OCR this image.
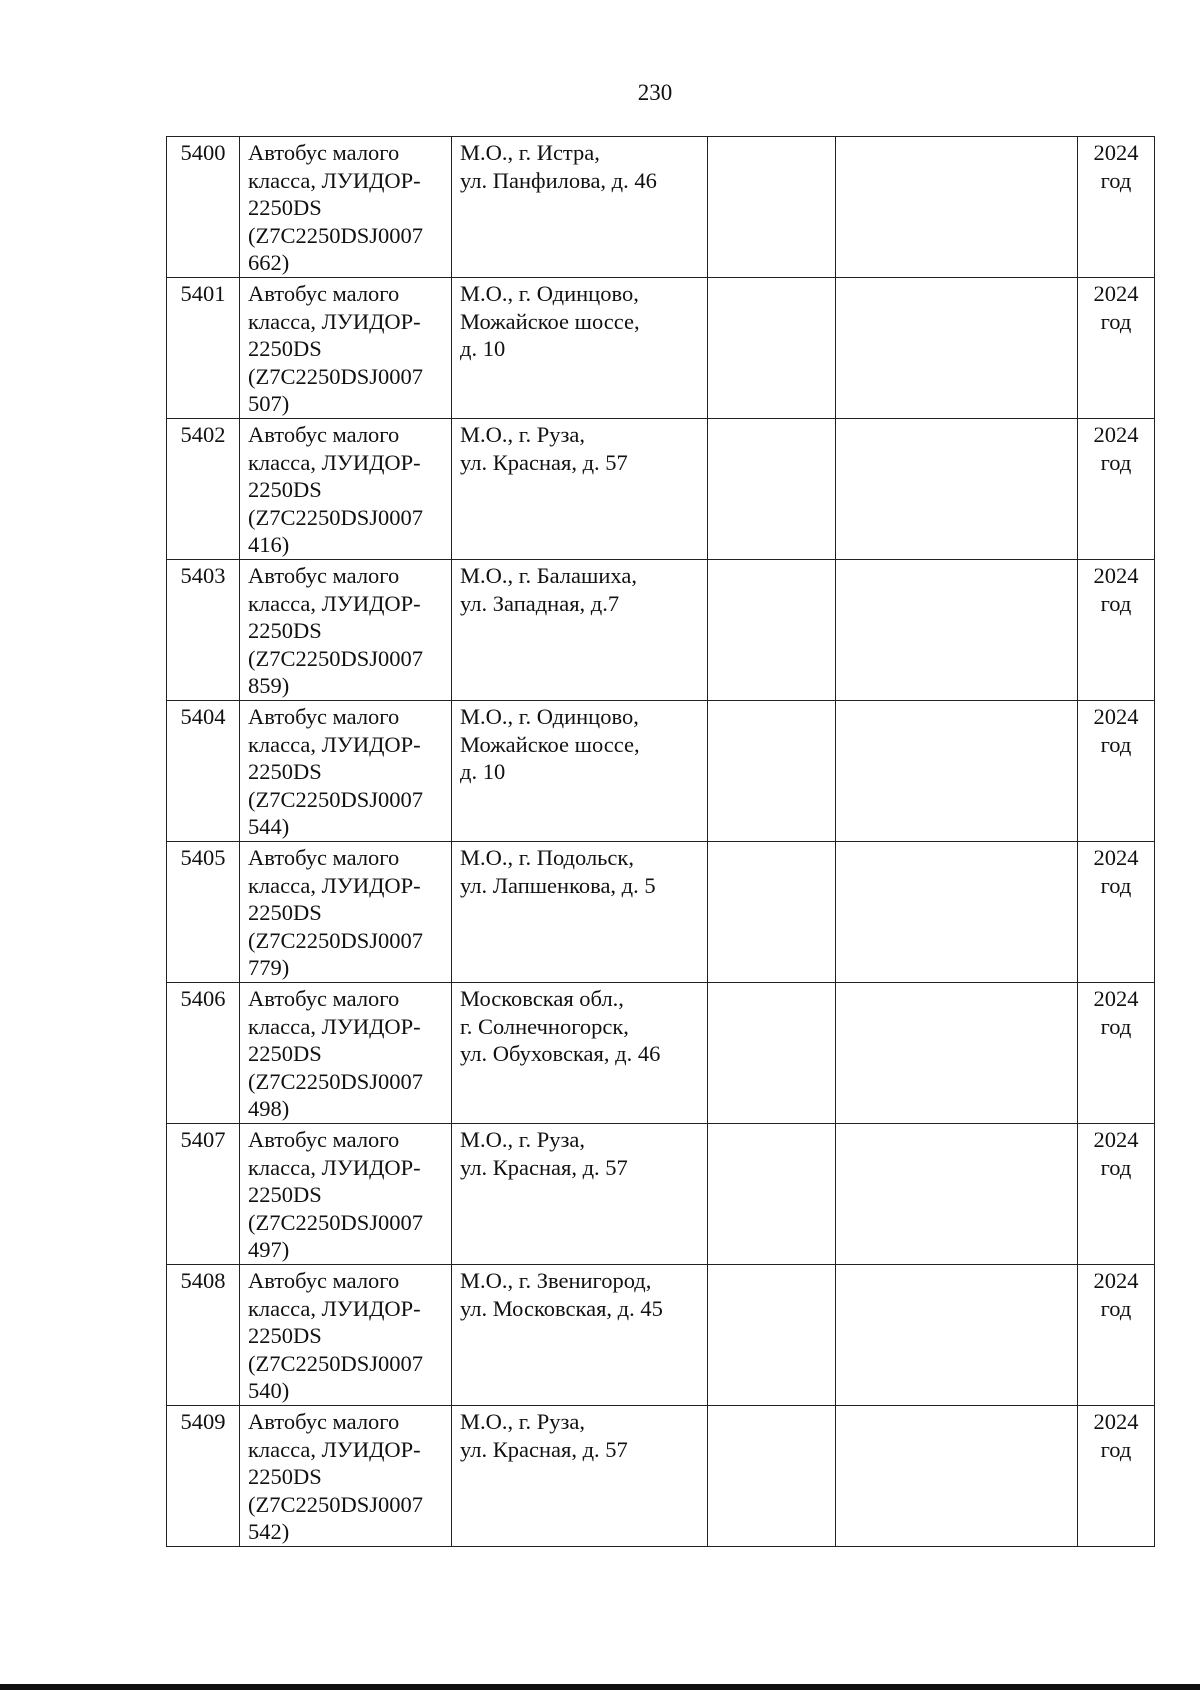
230
5400	Автобус малого
класса, ЛУИДОР-
2250DS
(Z7C2250DSJ0007
662)	М.О., г. Истра,
ул. Панфилова, д. 46			2024
год
5401	Автобус малого
класса, ЛУИДОР-
2250DS
(Z7C2250DSJ0007
507)	М.О., г. Одинцово,
Можайское шоссе,
д. 10			2024
год
5402	Автобус малого
класса, ЛУИДОР-
2250DS
(Z7C2250DSJ0007
416)	М.О., г. Руза,
ул. Красная, д. 57			2024
год
5403	Автобус малого
класса, ЛУИДОР-
2250DS
(Z7C2250DSJ0007
859)	М.О., г. Балашиха,
ул. Западная, д.7			2024
год
5404	Автобус малого
класса, ЛУИДОР-
2250DS
(Z7C2250DSJ0007
544)	М.О., г. Одинцово,
Можайское шоссе,
д. 10			2024
год
5405	Автобус малого
класса, ЛУИДОР-
2250DS
(Z7C2250DSJ0007
779)	М.О., г. Подольск,
ул. Лапшенкова, д. 5			2024
год
5406	Автобус малого
класса, ЛУИДОР-
2250DS
(Z7C2250DSJ0007
498)	Московская обл.,
г. Солнечногорск,
ул. Обуховская, д. 46			2024
год
5407	Автобус малого
класса, ЛУИДОР-
2250DS
(Z7C2250DSJ0007
497)	М.О., г. Руза,
ул. Красная, д. 57			2024
год
5408	Автобус малого
класса, ЛУИДОР-
2250DS
(Z7C2250DSJ0007
540)	М.О., г. Звенигород,
ул. Московская, д. 45			2024
год
5409	Автобус малого
класса, ЛУИДОР-
2250DS
(Z7C2250DSJ0007
542)	М.О., г. Руза,
ул. Красная, д. 57			2024
год
